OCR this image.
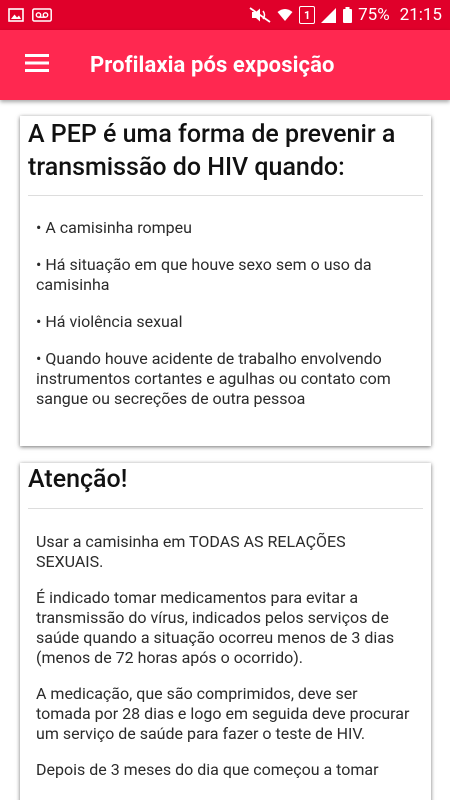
1	75% 21:15
Profilaxia pós exposição
A PEP é uma forma de prevenir a transmissão do HIV quando:

• A camisinha rompeu

• Há situação em que houve sexo sem o uso da camisinha

• Há violência sexual

• Quando houve acidente de trabalho envolvendo instrumentos cortantes e agulhas ou contato com sangue ou secreções de outra pessoa

Atenção!

Usar a camisinha em TODAS AS RELAÇÕES SEXUAIS.

É indicado tomar medicamentos para evitar a transmissão do vírus, indicados pelos serviços de saúde quando a situação ocorreu menos de 3 dias (menos de 72 horas após o ocorrido).

A medicação, que são comprimidos, deve ser tomada por 28 dias e logo em seguida deve procurar um serviço de saúde para fazer o teste de HIV.

Depois de 3 meses do dia que começou a tomar
